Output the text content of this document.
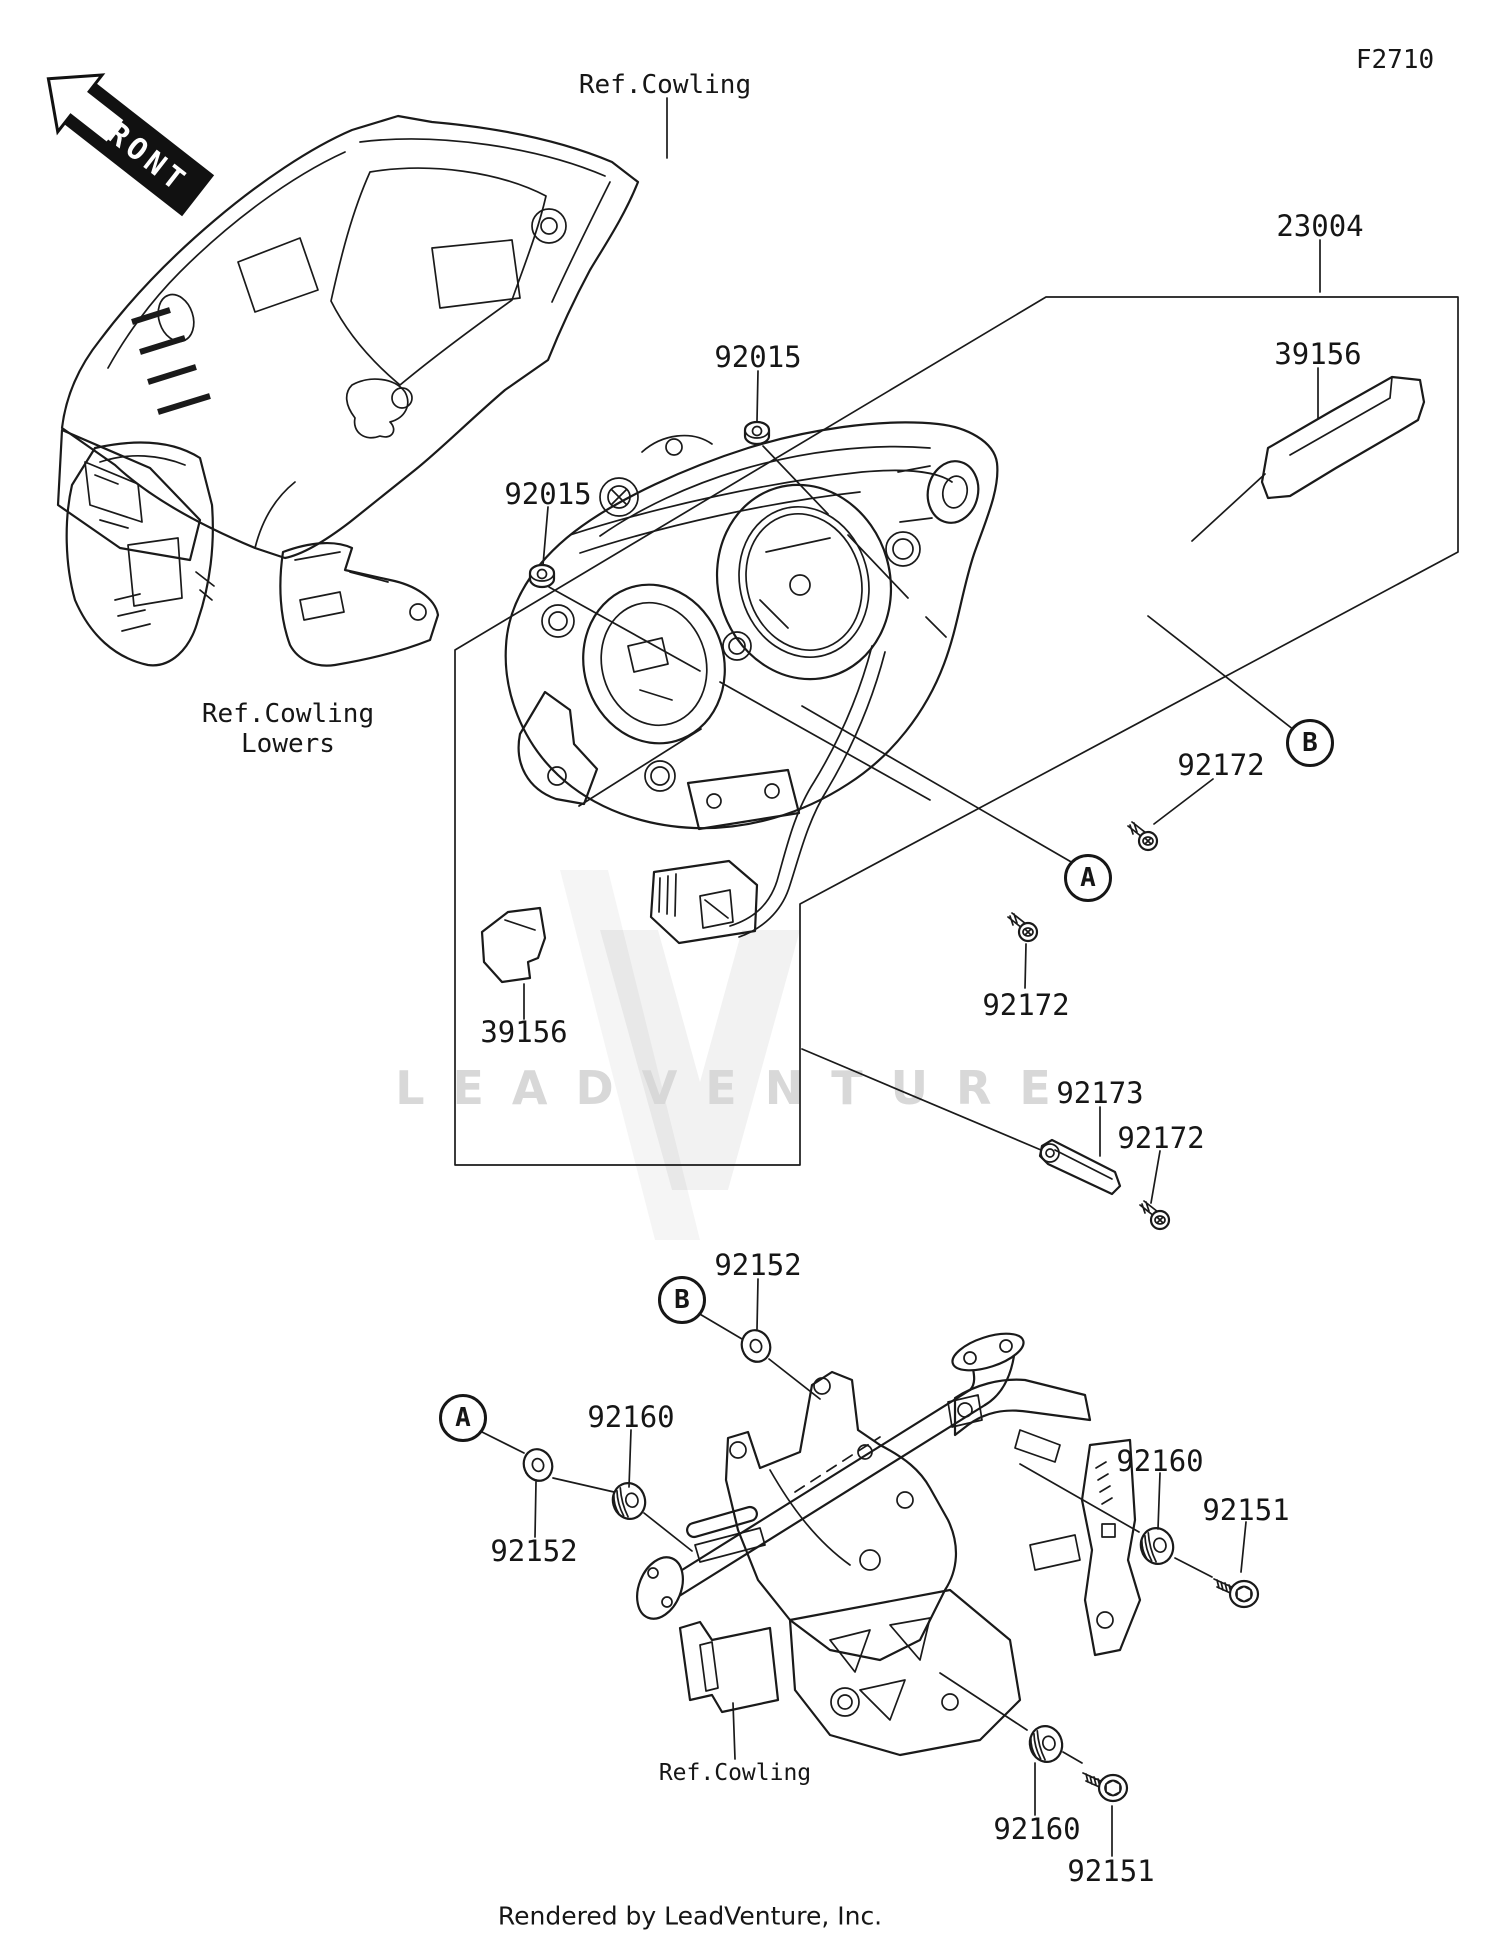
LEADVENTURE
FRONT
F2710
Ref.Cowling
Ref.Cowling
Lowers
Ref.Cowling
23004
39156
92015
92015
92172
92172
39156
92173
92172
92152
92160
92152
92160
92151
92160
92151
B
A
B
A
Rendered by LeadVenture, Inc.
